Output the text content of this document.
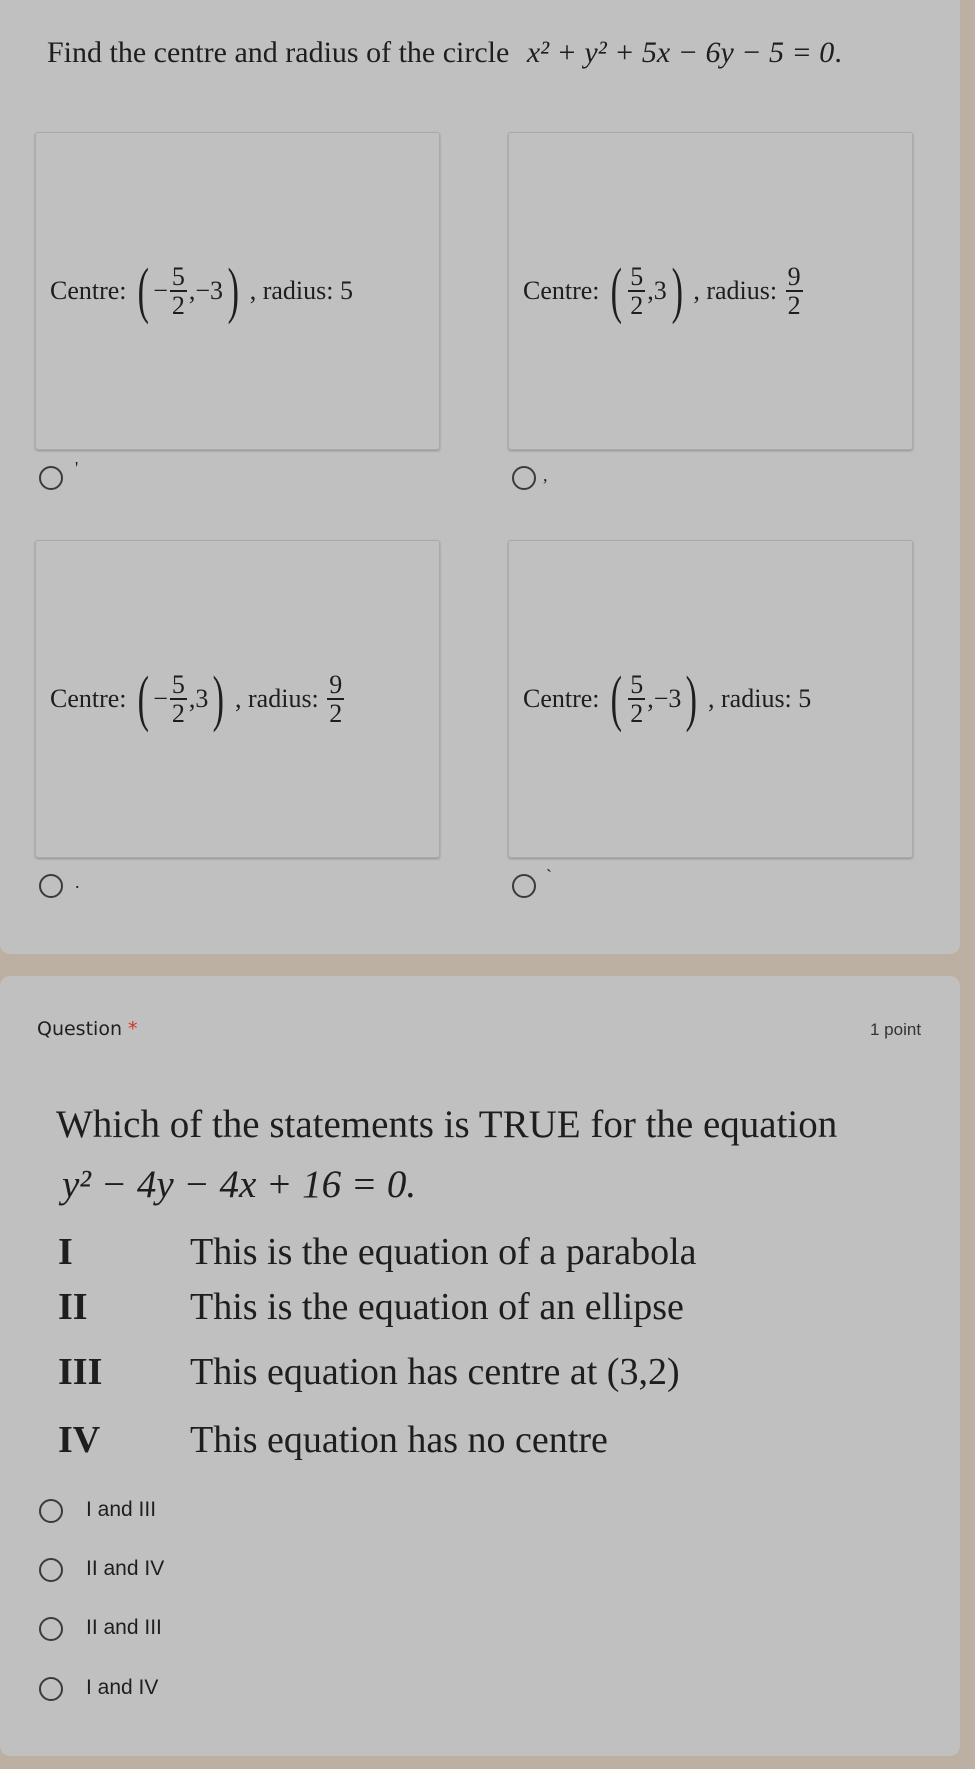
Find the centre and radius of the circle x² + y² + 5x − 6y − 5 = 0.
Centre: ( − $\frac{5}{2}$ , −3 ) , radius:
5
'
Centre: ( $\frac{5}{2}$ , 3 ) , radius:
$\frac{9}{2}$
,
Centre: ( − $\frac{5}{2}$ , 3 ) , radius:
$\frac{9}{2}$
.
Centre: ( $\frac{5}{2}$ , −3 ) , radius:
5
`
Question *	1 point
Which of the statements is TRUE for the equation
y² − 4y − 4x + 16 = 0.
I	This is the equation of a parabola
II	This is the equation of an ellipse
III This equation has centre at (3,2)
IV This equation has no centre
I and III
II and IV
II and III
I and IV
